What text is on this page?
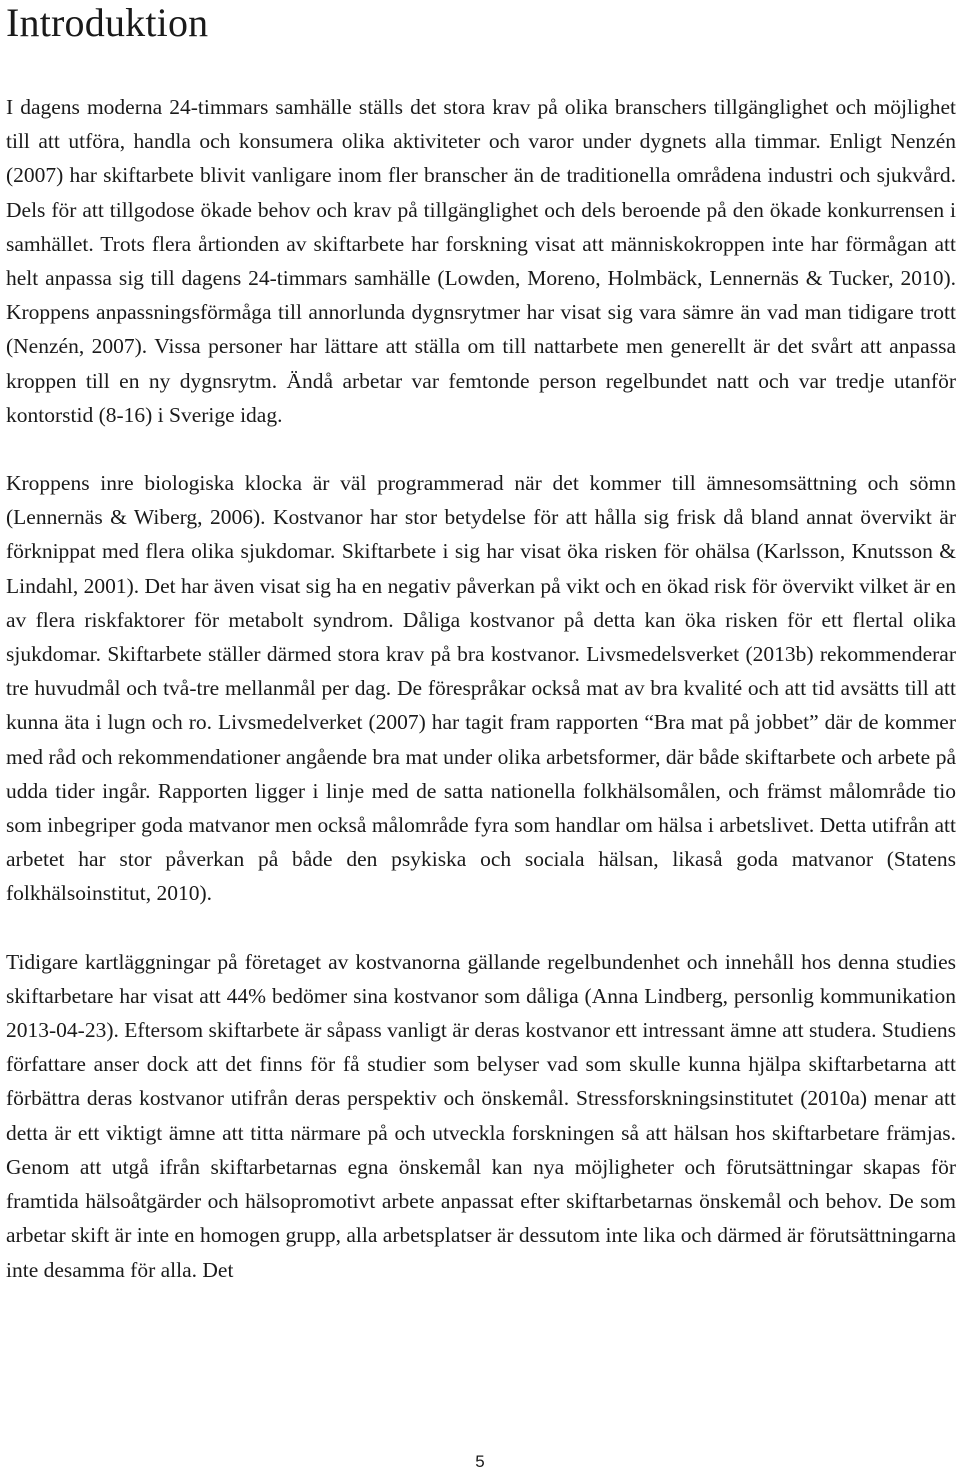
Introduktion

I dagens moderna 24-timmars samhälle ställs det stora krav på olika branschers tillgänglighet och möjlighet till att utföra, handla och konsumera olika aktiviteter och varor under dygnets alla timmar. Enligt Nenzén (2007) har skiftarbete blivit vanligare inom fler branscher än de traditionella områdena industri och sjukvård. Dels för att tillgodose ökade behov och krav på tillgänglighet och dels beroende på den ökade konkurrensen i samhället. Trots flera årtionden av skiftarbete har forskning visat att människokroppen inte har förmågan att helt anpassa sig till dagens 24-timmars samhälle (Lowden, Moreno, Holmbäck, Lennernäs & Tucker, 2010). Kroppens anpassningsförmåga till annorlunda dygnsrytmer har visat sig vara sämre än vad man tidigare trott (Nenzén, 2007). Vissa personer har lättare att ställa om till nattarbete men generellt är det svårt att anpassa kroppen till en ny dygnsrytm. Ändå arbetar var femtonde person regelbundet natt och var tredje utanför kontorstid (8-16) i Sverige idag.

Kroppens inre biologiska klocka är väl programmerad när det kommer till ämnesomsättning och sömn (Lennernäs & Wiberg, 2006). Kostvanor har stor betydelse för att hålla sig frisk då bland annat övervikt är förknippat med flera olika sjukdomar. Skiftarbete i sig har visat öka risken för ohälsa (Karlsson, Knutsson & Lindahl, 2001). Det har även visat sig ha en negativ påverkan på vikt och en ökad risk för övervikt vilket är en av flera riskfaktorer för metabolt syndrom. Dåliga kostvanor på detta kan öka risken för ett flertal olika sjukdomar. Skiftarbete ställer därmed stora krav på bra kostvanor. Livsmedelsverket (2013b) rekommenderar tre huvudmål och två-tre mellanmål per dag. De förespråkar också mat av bra kvalité och att tid avsätts till att kunna äta i lugn och ro. Livsmedelverket (2007) har tagit fram rapporten “Bra mat på jobbet” där de kommer med råd och rekommendationer angående bra mat under olika arbetsformer, där både skiftarbete och arbete på udda tider ingår. Rapporten ligger i linje med de satta nationella folkhälsomålen, och främst målområde tio som inbegriper goda matvanor men också målområde fyra som handlar om hälsa i arbetslivet. Detta utifrån att arbetet har stor påverkan på både den psykiska och sociala hälsan, likaså goda matvanor (Statens folkhälsoinstitut, 2010).

Tidigare kartläggningar på företaget av kostvanorna gällande regelbundenhet och innehåll hos denna studies skiftarbetare har visat att 44% bedömer sina kostvanor som dåliga (Anna Lindberg, personlig kommunikation 2013-04-23). Eftersom skiftarbete är såpass vanligt är deras kostvanor ett intressant ämne att studera. Studiens författare anser dock att det finns för få studier som belyser vad som skulle kunna hjälpa skiftarbetarna att förbättra deras kostvanor utifrån deras perspektiv och önskemål. Stressforskningsinstitutet (2010a) menar att detta är ett viktigt ämne att titta närmare på och utveckla forskningen så att hälsan hos skiftarbetare främjas. Genom att utgå ifrån skiftarbetarnas egna önskemål kan nya möjligheter och förutsättningar skapas för framtida hälsoåtgärder och hälsopromotivt arbete anpassat efter skiftarbetarnas önskemål och behov. De som arbetar skift är inte en homogen grupp, alla arbetsplatser är dessutom inte lika och därmed är förutsättningarna inte desamma för alla. Det

5
